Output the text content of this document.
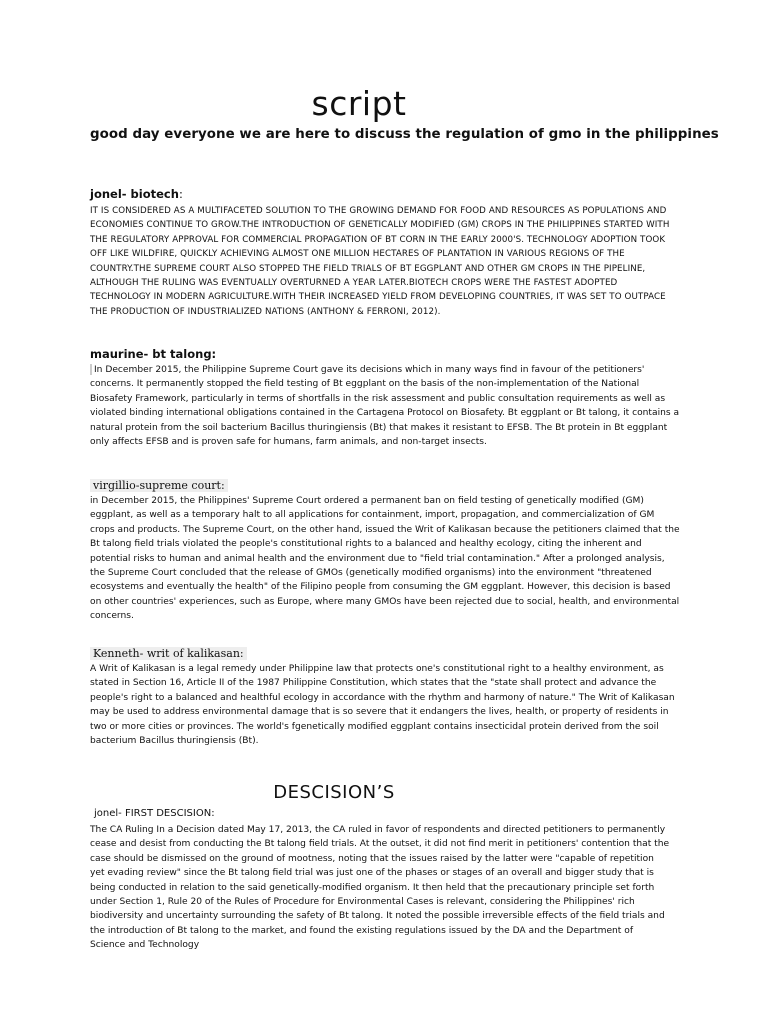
script
good day everyone we are here to discuss the regulation of gmo in the philippines
jonel- biotech:
IT IS CONSIDERED AS A MULTIFACETED SOLUTION TO THE GROWING DEMAND FOR FOOD AND RESOURCES AS POPULATIONS AND ECONOMIES CONTINUE TO GROW.THE INTRODUCTION OF GENETICALLY MODIFIED (GM) CROPS IN THE PHILIPPINES STARTED WITH THE REGULATORY APPROVAL FOR COMMERCIAL PROPAGATION OF BT CORN IN THE EARLY 2000'S. TECHNOLOGY ADOPTION TOOK OFF LIKE WILDFIRE, QUICKLY ACHIEVING ALMOST ONE MILLION HECTARES OF PLANTATION IN VARIOUS REGIONS OF THE COUNTRY.THE SUPREME COURT ALSO STOPPED THE FIELD TRIALS OF BT EGGPLANT AND OTHER GM CROPS IN THE PIPELINE, ALTHOUGH THE RULING WAS EVENTUALLY OVERTURNED A YEAR LATER.BIOTECH CROPS WERE THE FASTEST ADOPTED TECHNOLOGY IN MODERN AGRICULTURE.WITH THEIR INCREASED YIELD FROM DEVELOPING COUNTRIES, IT WAS SET TO OUTPACE THE PRODUCTION OF INDUSTRIALIZED NATIONS (ANTHONY & FERRONI, 2012).
maurine- bt talong:
In December 2015, the Philippine Supreme Court gave its decisions which in many ways find in favour of the petitioners' concerns. It permanently stopped the field testing of Bt eggplant on the basis of the non-implementation of the National Biosafety Framework, particularly in terms of shortfalls in the risk assessment and public consultation requirements as well as violated binding international obligations contained in the Cartagena Protocol on Biosafety. Bt eggplant or Bt talong, it contains a natural protein from the soil bacterium Bacillus thuringiensis (Bt) that makes it resistant to EFSB. The Bt protein in Bt eggplant only affects EFSB and is proven safe for humans, farm animals, and non-target insects.
virgillio-supreme court:
in December 2015, the Philippines' Supreme Court ordered a permanent ban on field testing of genetically modified (GM) eggplant, as well as a temporary halt to all applications for containment, import, propagation, and commercialization of GM crops and products. The Supreme Court, on the other hand, issued the Writ of Kalikasan because the petitioners claimed that the Bt talong field trials violated the people's constitutional rights to a balanced and healthy ecology, citing the inherent and potential risks to human and animal health and the environment due to "field trial contamination." After a prolonged analysis, the Supreme Court concluded that the release of GMOs (genetically modified organisms) into the environment "threatened ecosystems and eventually the health" of the Filipino people from consuming the GM eggplant. However, this decision is based on other countries' experiences, such as Europe, where many GMOs have been rejected due to social, health, and environmental concerns.
Kenneth- writ of kalikasan:
A Writ of Kalikasan is a legal remedy under Philippine law that protects one's constitutional right to a healthy environment, as stated in Section 16, Article II of the 1987 Philippine Constitution, which states that the "state shall protect and advance the people's right to a balanced and healthful ecology in accordance with the rhythm and harmony of nature." The Writ of Kalikasan may be used to address environmental damage that is so severe that it endangers the lives, health, or property of residents in two or more cities or provinces. The world's fgenetically modified eggplant contains insecticidal protein derived from the soil bacterium Bacillus thuringiensis (Bt).
DESCISION’S
jonel- FIRST DESCISION:
The CA Ruling In a Decision dated May 17, 2013, the CA ruled in favor of respondents and directed petitioners to permanently cease and desist from conducting the Bt talong field trials. At the outset, it did not find merit in petitioners' contention that the case should be dismissed on the ground of mootness, noting that the issues raised by the latter were "capable of repetition yet evading review" since the Bt talong field trial was just one of the phases or stages of an overall and bigger study that is being conducted in relation to the said genetically-modified organism. It then held that the precautionary principle set forth under Section 1, Rule 20 of the Rules of Procedure for Environmental Cases is relevant, considering the Philippines' rich biodiversity and uncertainty surrounding the safety of Bt talong. It noted the possible irreversible effects of the field trials and the introduction of Bt talong to the market, and found the existing regulations issued by the DA and the Department of Science and Technology
